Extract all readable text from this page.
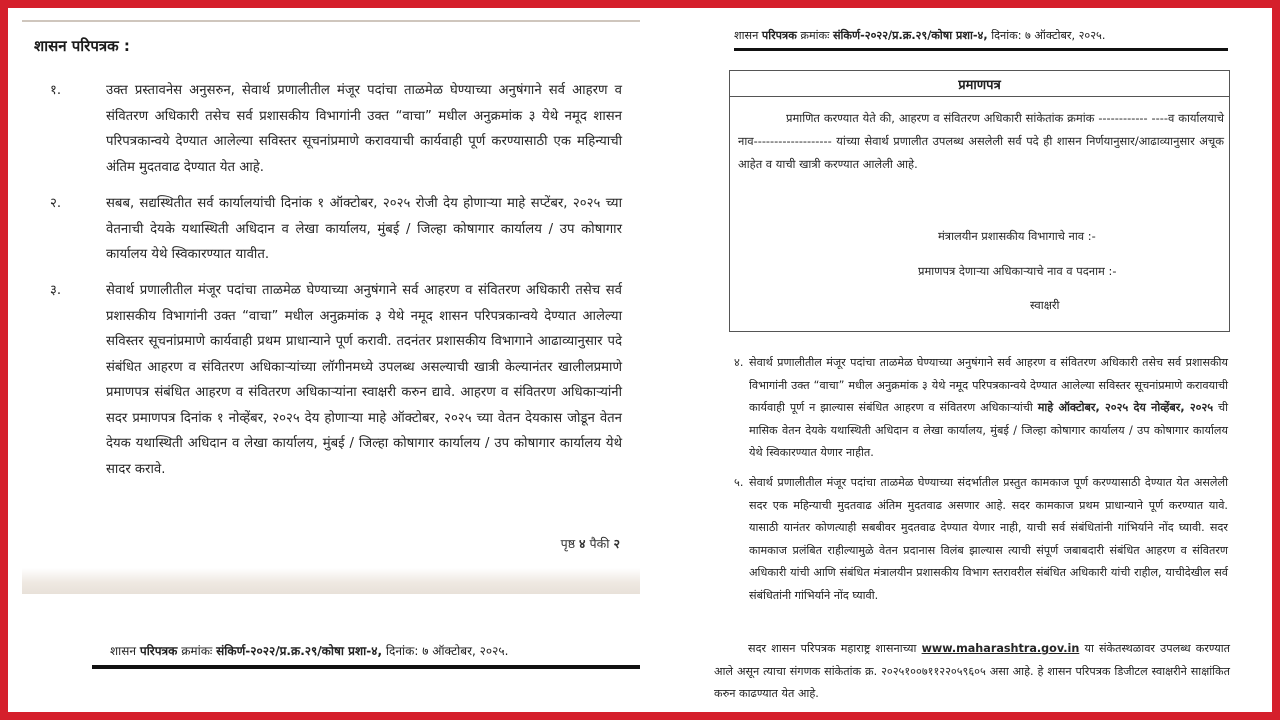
शासन परिपत्रक :
१.	उक्त प्रस्तावनेस अनुसरुन, सेवार्थ प्रणालीतील मंजूर पदांचा ताळमेळ घेण्याच्या अनुषंगाने सर्व आहरण व संवितरण अधिकारी तसेच सर्व प्रशासकीय विभागांनी उक्त “वाचा” मधील अनुक्रमांक ३ येथे नमूद शासन परिपत्रकान्वये देण्यात आलेल्या सविस्तर सूचनांप्रमाणे करावयाची कार्यवाही पूर्ण करण्यासाठी एक महिन्याची अंतिम मुदतवाढ देण्यात येत आहे.
२.	सबब, सद्यस्थितीत सर्व कार्यालयांची दिनांक १ ऑक्टोबर, २०२५ रोजी देय होणाऱ्या माहे सप्टेंबर, २०२५ च्या वेतनाची देयके यथास्थिती अधिदान व लेखा कार्यालय, मुंबई / जिल्हा कोषागार कार्यालय / उप कोषागार कार्यालय येथे स्विकारण्यात यावीत.
३.	सेवार्थ प्रणालीतील मंजूर पदांचा ताळमेळ घेण्याच्या अनुषंगाने सर्व आहरण व संवितरण अधिकारी तसेच सर्व प्रशासकीय विभागांनी उक्त “वाचा” मधील अनुक्रमांक ३ येथे नमूद शासन परिपत्रकान्वये देण्यात आलेल्या सविस्तर सूचनांप्रमाणे कार्यवाही प्रथम प्राधान्याने पूर्ण करावी. तदनंतर प्रशासकीय विभागाने आढाव्यानुसार पदे संबंधित आहरण व संवितरण अधिकाऱ्यांच्या लॉगीनमध्ये उपलब्ध असल्याची खात्री केल्यानंतर खालीलप्रमाणे प्रमाणपत्र संबंधित आहरण व संवितरण अधिकाऱ्यांना स्वाक्षरी करुन द्यावे. आहरण व संवितरण अधिकाऱ्यांनी सदर प्रमाणपत्र दिनांक १ नोव्हेंबर, २०२५ देय होणाऱ्या माहे ऑक्टोबर, २०२५ च्या वेतन देयकास जोडून वेतन देयक यथास्थिती अधिदान व लेखा कार्यालय, मुंबई / जिल्हा कोषागार कार्यालय / उप कोषागार कार्यालय येथे सादर करावे.
पृष्ठ ४ पैकी २
शासन परिपत्रक क्रमांकः संकिर्ण-२०२२/प्र.क्र.२९/कोषा प्रशा-४, दिनांक: ७ ऑक्टोबर, २०२५.
शासन परिपत्रक क्रमांकः संकिर्ण-२०२२/प्र.क्र.२९/कोषा प्रशा-४, दिनांक: ७ ऑक्टोबर, २०२५.
प्रमाणपत्र
प्रमाणित करण्यात येते की, आहरण व संवितरण अधिकारी सांकेतांक क्रमांक ------------ ----व कार्यालयाचे नाव------------------- यांच्या सेवार्थ प्रणालीत उपलब्ध असलेली सर्व पदे ही शासन निर्णयानुसार/आढाव्यानुसार अचूक आहेत व याची खात्री करण्यात आलेली आहे.
मंत्रालयीन प्रशासकीय विभागाचे नाव :-
प्रमाणपत्र देणाऱ्या अधिकाऱ्याचे नाव व पदनाम :-
स्वाक्षरी
४. सेवार्थ प्रणालीतील मंजूर पदांचा ताळमेळ घेण्याच्या अनुषंगाने सर्व आहरण व संवितरण अधिकारी तसेच सर्व प्रशासकीय विभागांनी उक्त “वाचा” मधील अनुक्रमांक ३ येथे नमूद परिपत्रकान्वये देण्यात आलेल्या सविस्तर सूचनांप्रमाणे करावयाची कार्यवाही पूर्ण न झाल्यास संबंधित आहरण व संवितरण अधिकाऱ्यांची माहे ऑक्टोबर, २०२५ देय नोव्हेंबर, २०२५ ची मासिक वेतन देयके यथास्थिती अधिदान व लेखा कार्यालय, मुंबई / जिल्हा कोषागार कार्यालय / उप कोषागार कार्यालय येथे स्विकारण्यात येणार नाहीत.
५. सेवार्थ प्रणालीतील मंजूर पदांचा ताळमेळ घेण्याच्या संदर्भातील प्रस्तुत कामकाज पूर्ण करण्यासाठी देण्यात येत असलेली सदर एक महिन्याची मुदतवाढ अंतिम मुदतवाढ असणार आहे. सदर कामकाज प्रथम प्राधान्याने पूर्ण करण्यात यावे. यासाठी यानंतर कोणत्याही सबबीवर मुदतवाढ देण्यात येणार नाही, याची सर्व संबंधितांनी गांभिर्याने नोंद घ्यावी. सदर कामकाज प्रलंबित राहील्यामुळे वेतन प्रदानास विलंब झाल्यास त्याची संपूर्ण जबाबदारी संबंधित आहरण व संवितरण अधिकारी यांची आणि संबंधित मंत्रालयीन प्रशासकीय विभाग स्तरावरील संबंधित अधिकारी यांची राहील, याचीदेखील सर्व संबंधितांनी गांभिर्याने नोंद घ्यावी.
सदर शासन परिपत्रक महाराष्ट्र शासनाच्या www.maharashtra.gov.in या संकेतस्थळावर उपलब्ध करण्यात आले असून त्याचा संगणक सांकेतांक क्र. २०२५१००७११२२०५९६०५ असा आहे. हे शासन परिपत्रक डिजीटल स्वाक्षरीने साक्षांकित करुन काढण्यात येत आहे.
